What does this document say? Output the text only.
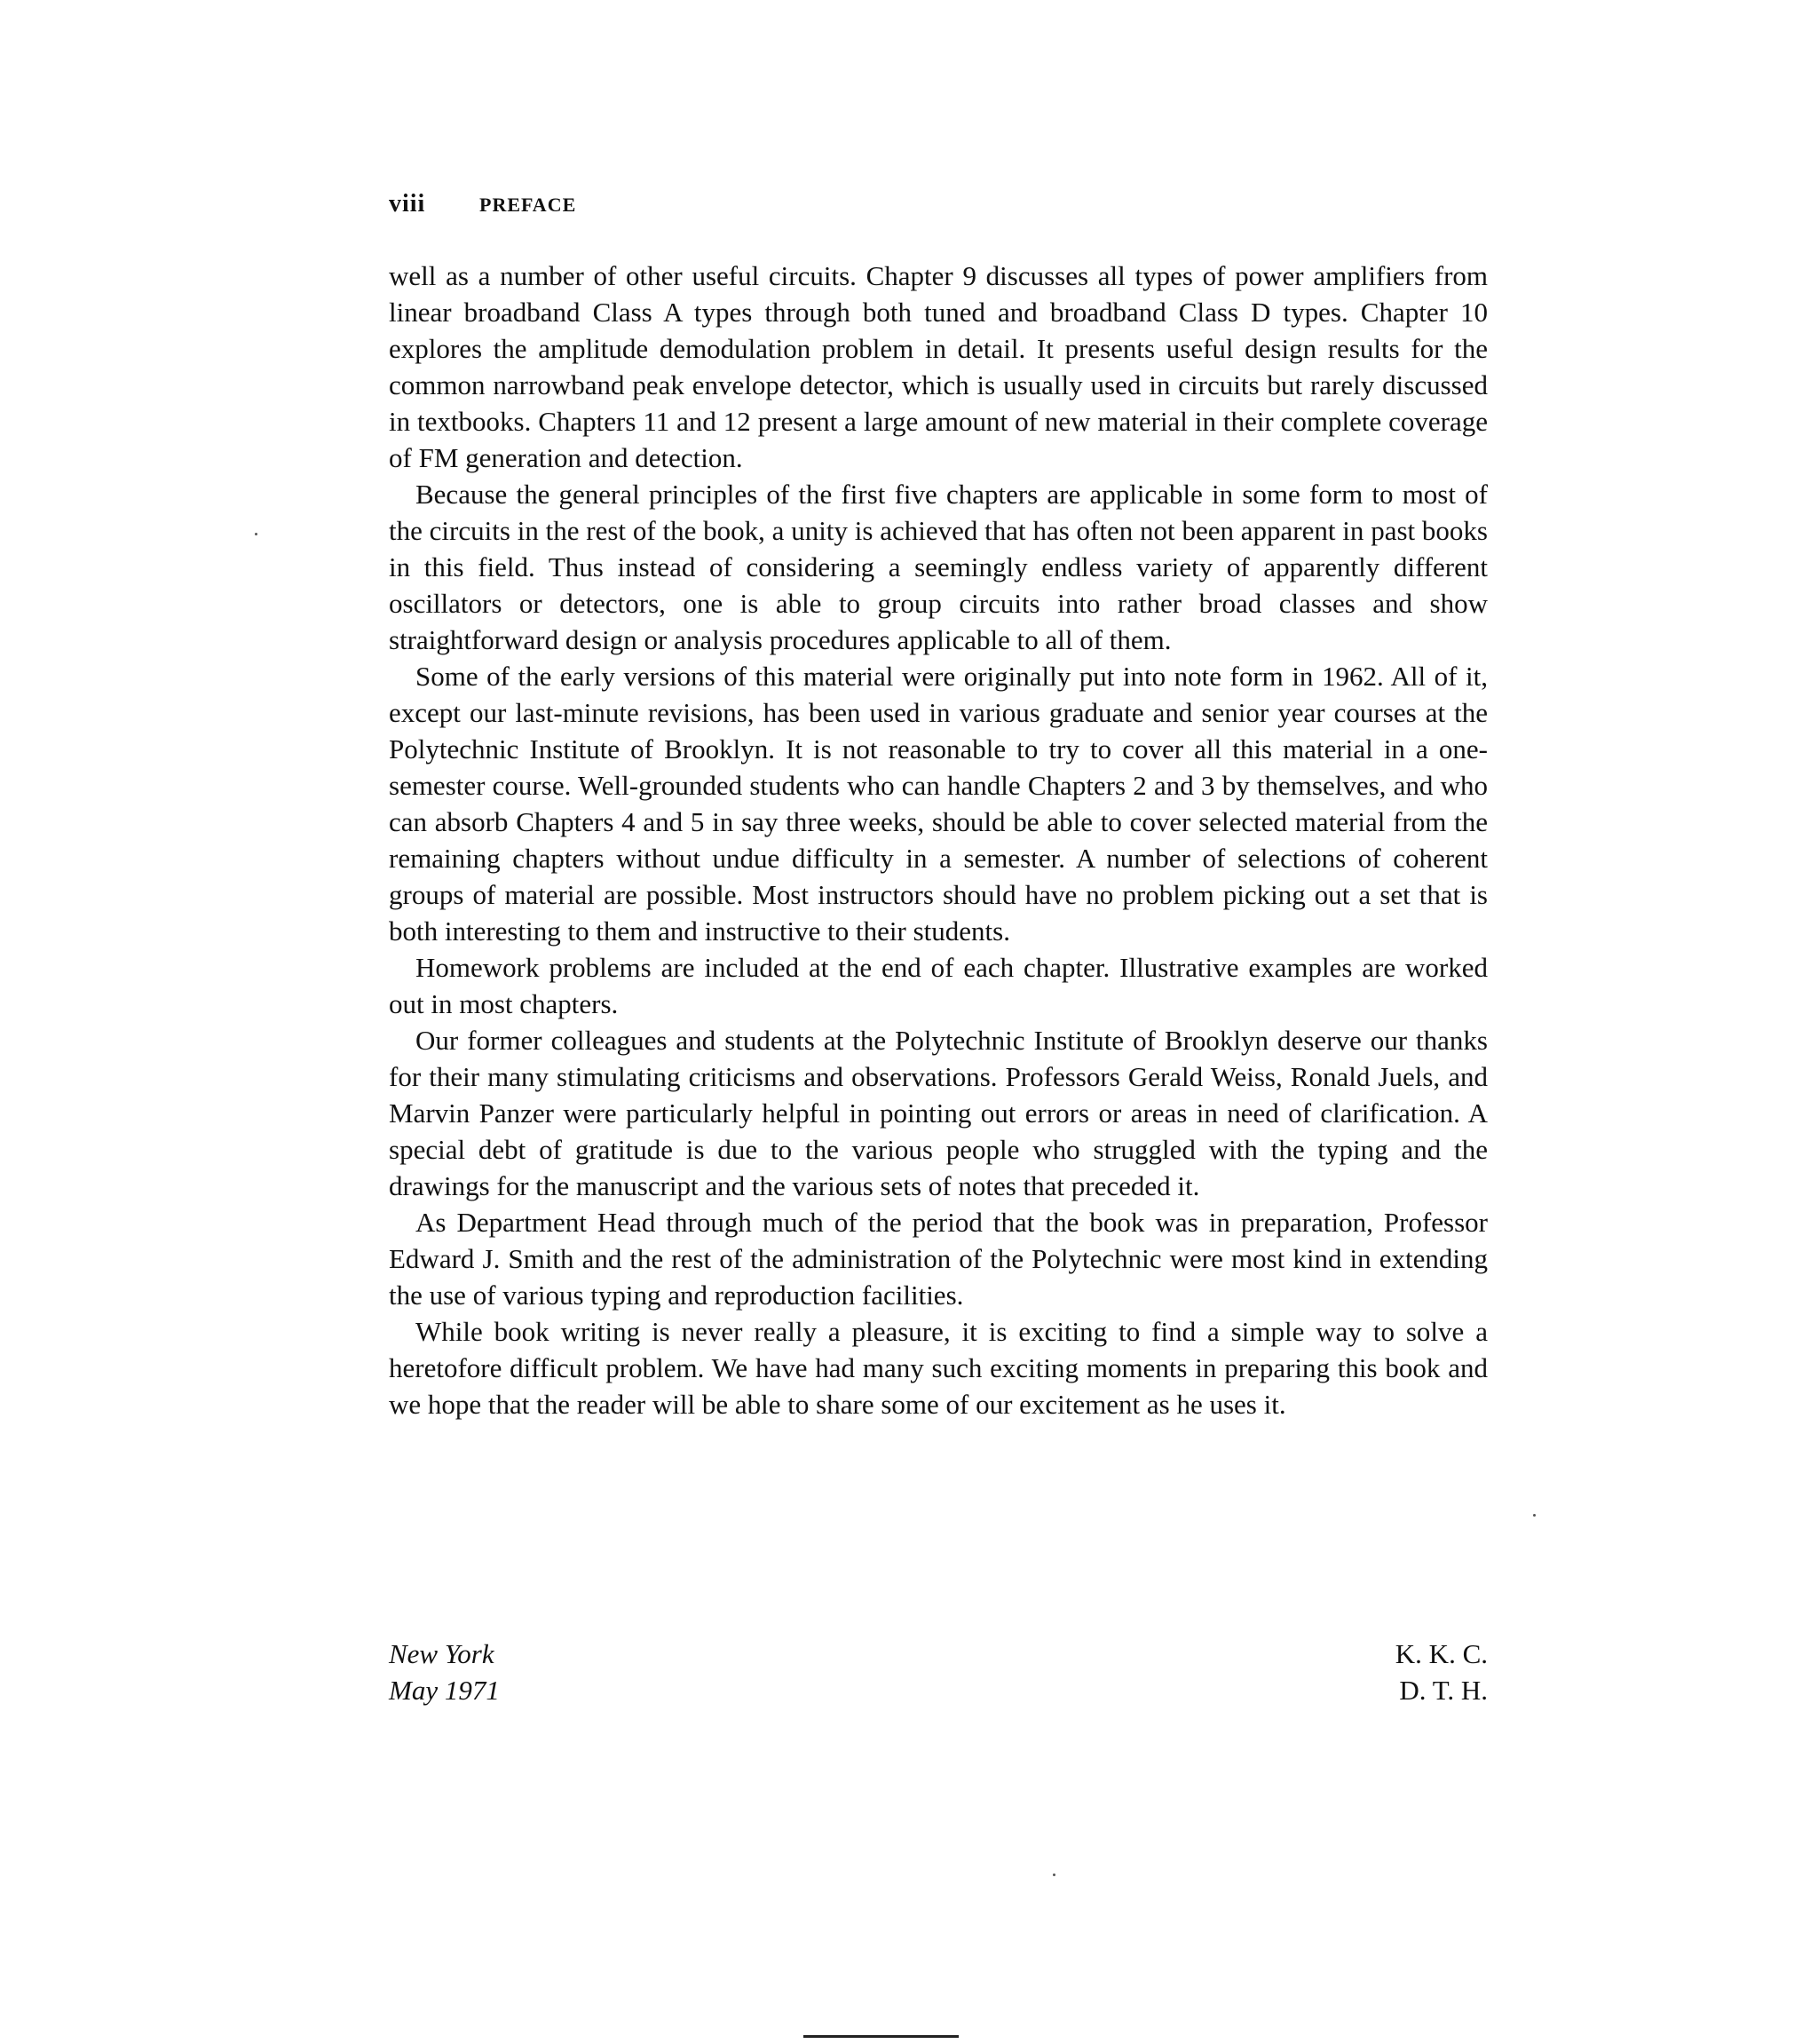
viii	PREFACE

well as a number of other useful circuits. Chapter 9 discusses all types of power amplifiers from linear broadband Class A types through both tuned and broadband Class D types. Chapter 10 explores the amplitude demodulation problem in detail. It presents useful design results for the common narrowband peak envelope detector, which is usually used in circuits but rarely discussed in textbooks. Chapters 11 and 12 present a large amount of new material in their complete coverage of FM generation and detection.

Because the general principles of the first five chapters are applicable in some form to most of the circuits in the rest of the book, a unity is achieved that has often not been apparent in past books in this field. Thus instead of considering a seemingly endless variety of apparently different oscillators or detectors, one is able to group circuits into rather broad classes and show straightforward design or analysis procedures applicable to all of them.

Some of the early versions of this material were originally put into note form in 1962. All of it, except our last-minute revisions, has been used in various graduate and senior year courses at the Polytechnic Institute of Brooklyn. It is not reasonable to try to cover all this material in a one-semester course. Well-grounded students who can handle Chapters 2 and 3 by themselves, and who can absorb Chapters 4 and 5 in say three weeks, should be able to cover selected material from the remaining chapters without undue difficulty in a semester. A number of selections of coherent groups of material are possible. Most instructors should have no problem picking out a set that is both interesting to them and instructive to their students.

Homework problems are included at the end of each chapter. Illustrative examples are worked out in most chapters.

Our former colleagues and students at the Polytechnic Institute of Brooklyn deserve our thanks for their many stimulating criticisms and observations. Professors Gerald Weiss, Ronald Juels, and Marvin Panzer were particularly helpful in pointing out errors or areas in need of clarification. A special debt of gratitude is due to the various people who struggled with the typing and the drawings for the manuscript and the various sets of notes that preceded it.

As Department Head through much of the period that the book was in preparation, Professor Edward J. Smith and the rest of the administration of the Polytechnic were most kind in extending the use of various typing and reproduction facilities.

While book writing is never really a pleasure, it is exciting to find a simple way to solve a heretofore difficult problem. We have had many such exciting moments in preparing this book and we hope that the reader will be able to share some of our excitement as he uses it.

New York
May 1971
K. K. C.
D. T. H.
